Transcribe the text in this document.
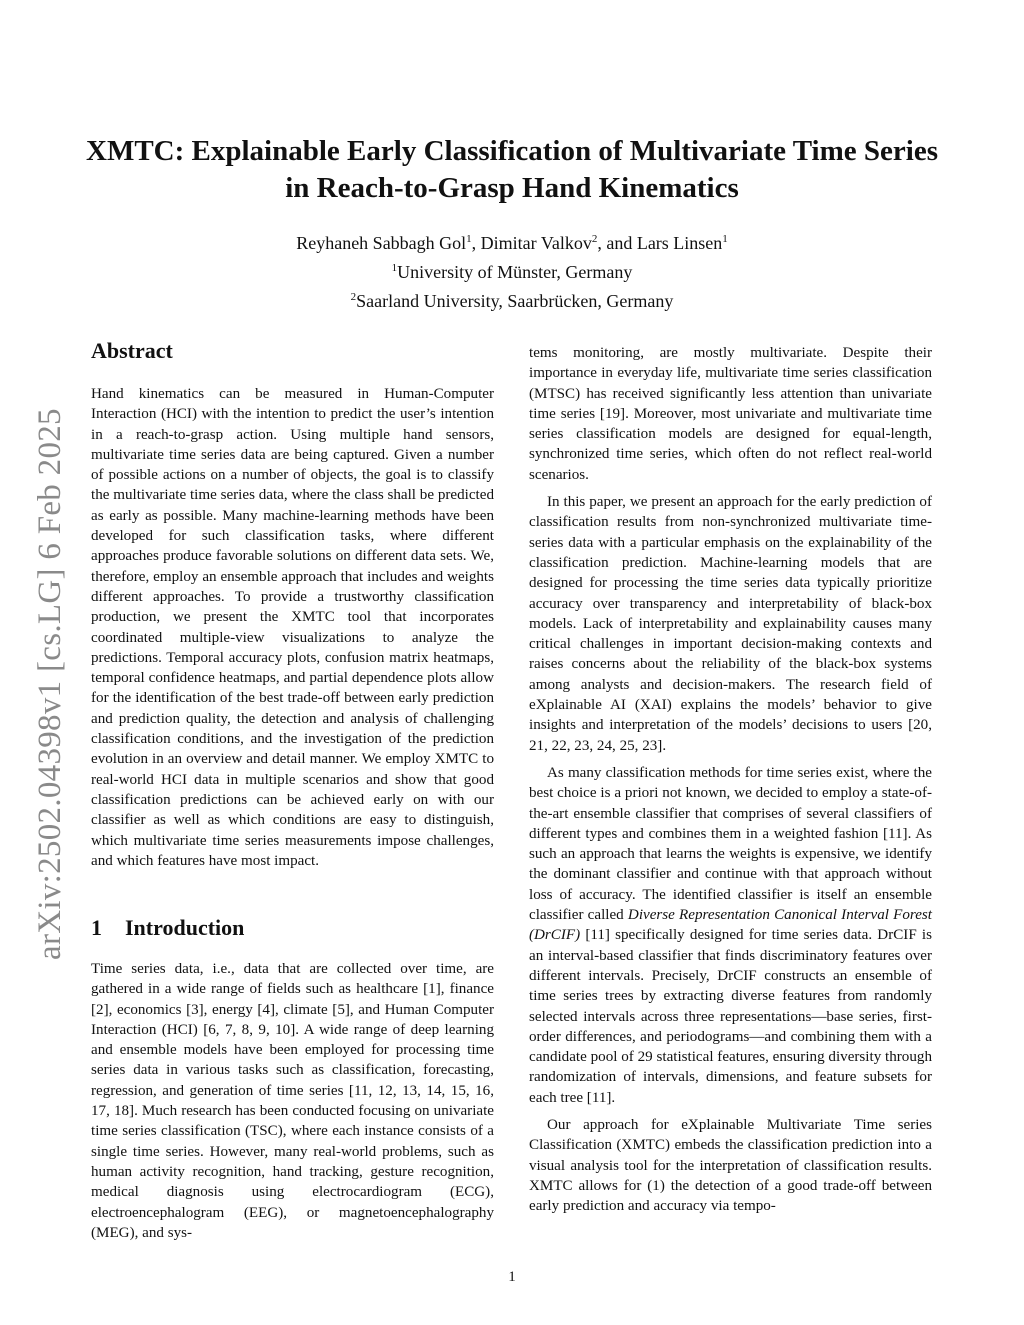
arXiv:2502.04398v1 [cs.LG] 6 Feb 2025
XMTC: Explainable Early Classification of Multivariate Time Series
in Reach-to-Grasp Hand Kinematics
Reyhaneh Sabbagh Gol$^1$, Dimitar Valkov$^2$, and Lars Linsen$^1$
$^1$University of Münster, Germany
$^2$Saarland University, Saarbrücken, Germany
Abstract

Hand kinematics can be measured in Human-Computer Interaction (HCI) with the intention to predict the user’s intention in a reach-to-grasp action. Using multiple hand sensors, multivariate time series data are being captured. Given a number of possible actions on a number of objects, the goal is to classify the multivariate time series data, where the class shall be predicted as early as possible. Many machine-learning methods have been developed for such classification tasks, where different approaches produce favorable solutions on different data sets. We, therefore, employ an ensemble approach that includes and weights different approaches. To provide a trustworthy classification production, we present the XMTC tool that incorporates coordinated multiple-view visualizations to analyze the predictions. Temporal accuracy plots, confusion matrix heatmaps, temporal confidence heatmaps, and partial dependence plots allow for the identification of the best trade-off between early prediction and prediction quality, the detection and analysis of challenging classification conditions, and the investigation of the prediction evolution in an overview and detail manner. We employ XMTC to real-world HCI data in multiple scenarios and show that good classification predictions can be achieved early on with our classifier as well as which conditions are easy to distinguish, which multivariate time series measurements impose challenges, and which features have most impact.

1 Introduction

Time series data, i.e., data that are collected over time, are gathered in a wide range of fields such as healthcare [1], finance [2], economics [3], energy [4], climate [5], and Human Computer Interaction (HCI) [6, 7, 8, 9, 10]. A wide range of deep learning and ensemble models have been employed for processing time series data in various tasks such as classification, forecasting, regression, and generation of time series [11, 12, 13, 14, 15, 16, 17, 18]. Much research has been conducted focusing on univariate time series classification (TSC), where each instance consists of a single time series. However, many real-world problems, such as human activity recognition, hand tracking, gesture recognition, medical diagnosis using electrocardiogram (ECG), electroencephalogram (EEG), or magnetoencephalography (MEG), and sys-

tems monitoring, are mostly multivariate. Despite their importance in everyday life, multivariate time series classification (MTSC) has received significantly less attention than univariate time series [19]. Moreover, most univariate and multivariate time series classification models are designed for equal-length, synchronized time series, which often do not reflect real-world scenarios.

In this paper, we present an approach for the early prediction of classification results from non-synchronized multivariate time-series data with a particular emphasis on the explainability of the classification prediction. Machine-learning models that are designed for processing the time series data typically prioritize accuracy over transparency and interpretability of black-box models. Lack of interpretability and explainability causes many critical challenges in important decision-making contexts and raises concerns about the reliability of the black-box systems among analysts and decision-makers. The research field of eXplainable AI (XAI) explains the models’ behavior to give insights and interpretation of the models’ decisions to users [20, 21, 22, 23, 24, 25, 23].

As many classification methods for time series exist, where the best choice is a priori not known, we decided to employ a state-of-the-art ensemble classifier that comprises of several classifiers of different types and combines them in a weighted fashion [11]. As such an approach that learns the weights is expensive, we identify the dominant classifier and continue with that approach without loss of accuracy. The identified classifier is itself an ensemble classifier called Diverse Representation Canonical Interval Forest (DrCIF) [11] specifically designed for time series data. DrCIF is an interval-based classifier that finds discriminatory features over different intervals. Precisely, DrCIF constructs an ensemble of time series trees by extracting diverse features from randomly selected intervals across three representations—base series, first-order differences, and periodograms—and combining them with a candidate pool of 29 statistical features, ensuring diversity through randomization of intervals, dimensions, and feature subsets for each tree [11].

Our approach for eXplainable Multivariate Time series Classification (XMTC) embeds the classification prediction into a visual analysis tool for the interpretation of classification results. XMTC allows for (1) the detection of a good trade-off between early prediction and accuracy via tempo-

1
